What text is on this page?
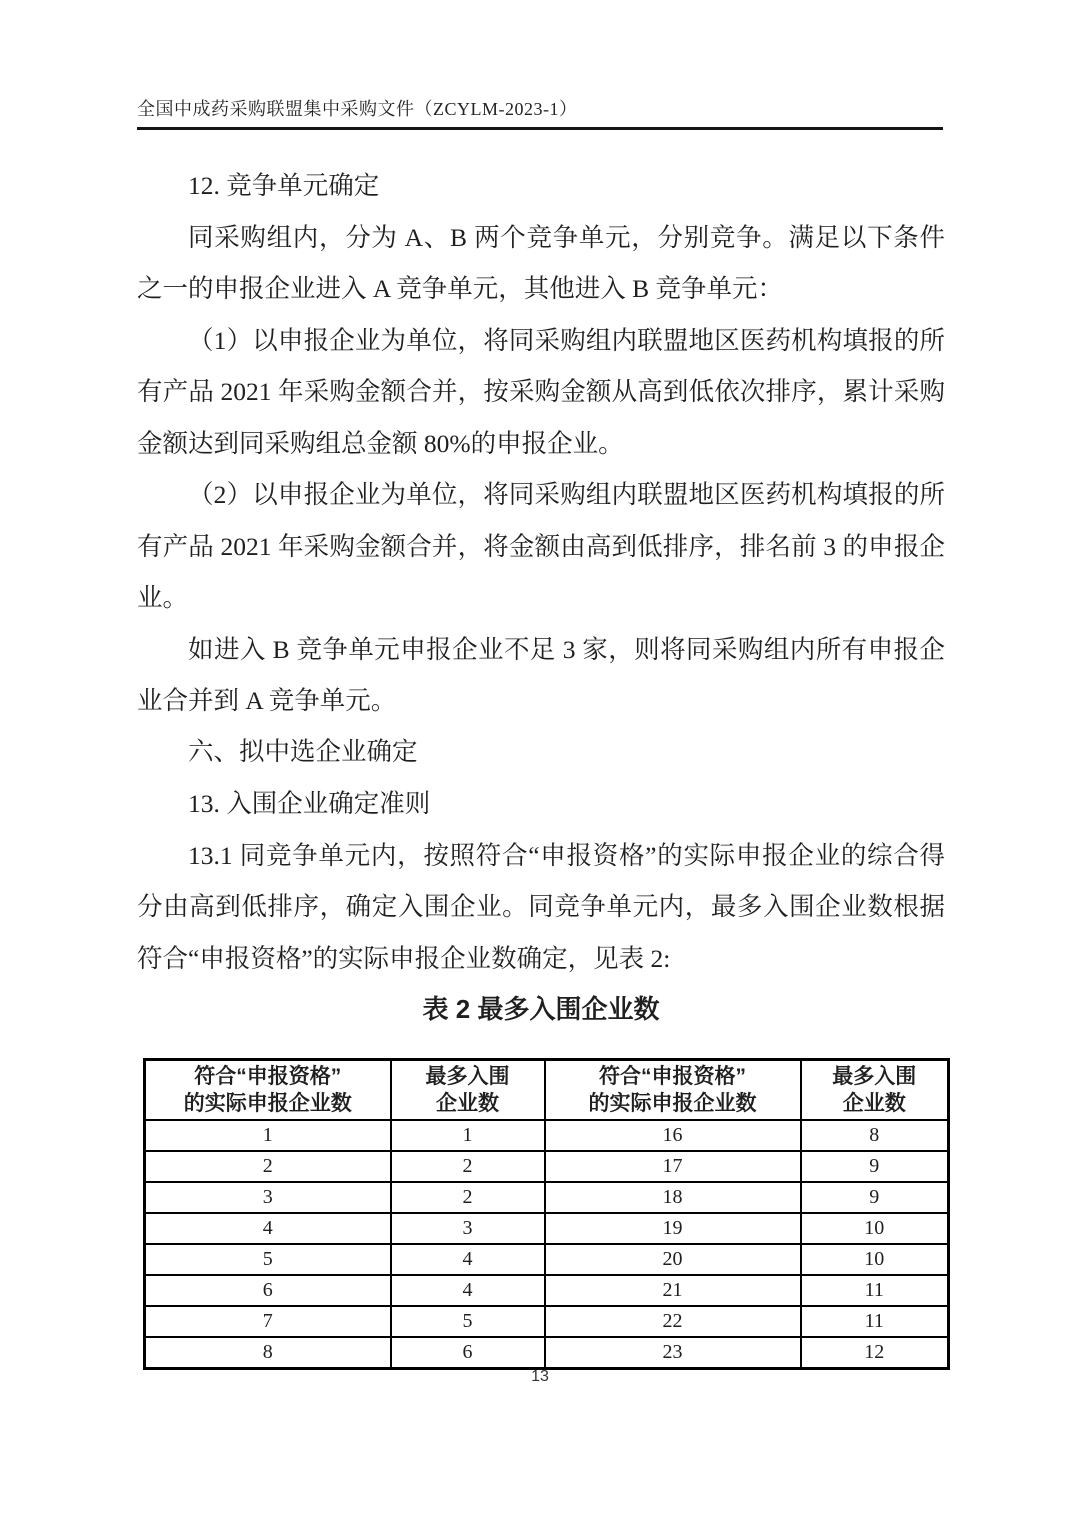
全国中成药采购联盟集中采购文件（ZCYLM-2023-1）
12. 竞争单元确定

同采购组内，分为 A、B 两个竞争单元，分别竞争。满足以下条件之一的申报企业进入 A 竞争单元，其他进入 B 竞争单元：

（1）以申报企业为单位，将同采购组内联盟地区医药机构填报的所有产品 2021 年采购金额合并，按采购金额从高到低依次排序，累计采购金额达到同采购组总金额 80%的申报企业。

（2）以申报企业为单位，将同采购组内联盟地区医药机构填报的所有产品 2021 年采购金额合并，将金额由高到低排序，排名前 3 的申报企业。

如进入 B 竞争单元申报企业不足 3 家，则将同采购组内所有申报企业合并到 A 竞争单元。

六、拟中选企业确定
13. 入围企业确定准则

13.1 同竞争单元内，按照符合“申报资格”的实际申报企业的综合得分由高到低排序，确定入围企业。同竞争单元内，最多入围企业数根据符合“申报资格”的实际申报企业数确定，见表 2:

表 2 最多入围企业数
符合“申报资格”
的实际申报企业数

最多入围
企业数

符合“申报资格”
的实际申报企业数

最多入围
企业数

1	1	16	8
2	2	17	9
3	2	18	9
4	3	19	10
5	4	20	10
6	4	21	11
7	5	22	11
8	6	23	12
13
